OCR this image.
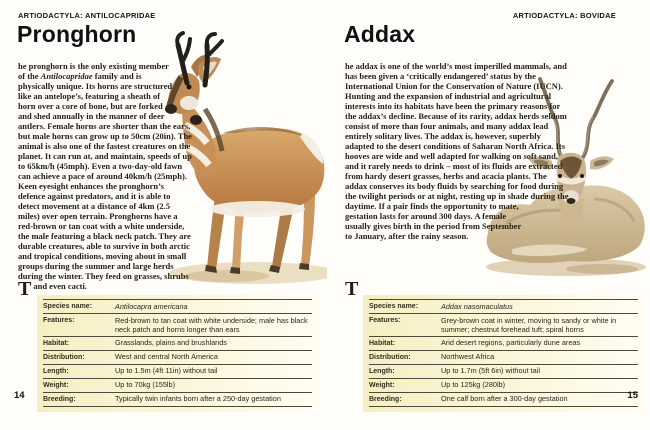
ARTIODACTYLA: ANTILOCAPRIDAE
Pronghorn
T
he pronghorn is the only existing member of the Antilocapridae family and is physically unique. Its horns are structured like an antelope’s, featuring a sheath of horn over a core of bone, but are forked and shed annually in the manner of deer antlers. Female horns are shorter than the ears, but male horns can grow up to 50cm (20in). The animal is also one of the fastest creatures on the planet. It can run at, and maintain, speeds of up to 65km/h (45mph). Even a two-day-old fawn can achieve a pace of around 40km/h (25mph). Keen eyesight enhances the pronghorn’s defence against predators, and it is able to detect movement at a distance of 4km (2.5 miles) over open terrain. Pronghorns have a red-brown or tan coat with a white underside, the male featuring a black neck patch. They are durable creatures, able to survive in both arctic and tropical conditions, moving about in small groups during the summer and large herds during the winter. They feed on grasses, shrubs and even cacti.
Species name:	Antilocapra americana
Features:	Red-brown to tan coat with white underside; male has black neck patch and horns longer than ears
Habitat:	Grasslands, plains and brushlands
Distribution:	West and central North America
Length:	Up to 1.5m (4ft 11in) without tail
Weight:	Up to 70kg (155lb)
Breeding:	Typically twin infants born after a 250-day gestation
14
ARTIODACTYLA: BOVIDAE
Addax
T
he addax is one of the world’s most imperilled mammals, and has been given a ‘critically endangered’ status by the International Union for the Conservation of Nature (IUCN). Hunting and the expansion of industrial and agricultural interests into its habitats have been the primary reasons for the addax’s decline. Because of its rarity, addax herds seldom consist of more than four animals, and many addax lead entirely solitary lives. The addax is, however, superbly adapted to the desert conditions of Saharan North Africa. Its hooves are wide and well adapted for walking on soft sand, and it rarely needs to drink – most of its fluids are extracted from hardy desert grasses, herbs and acacia plants. The addax conserves its body fluids by searching for food during the twilight periods or at night, resting up in shade during the daytime. If a pair finds the opportunity to mate, gestation lasts for around 300 days. A female usually gives birth in the period from September to January, after the rainy season.
Species name:	Addax nasomaculatus
Features:	Grey-brown coat in winter, moving to sandy or white in summer; chestnut forehead tuft; spiral horns
Habitat:	Arid desert regions, particularly dune areas
Distribution:	Northwest Africa
Length:	Up to 1.7m (5ft 6in) without tail
Weight:	Up to 125kg (280lb)
Breeding:	One calf born after a 300-day gestation	15
